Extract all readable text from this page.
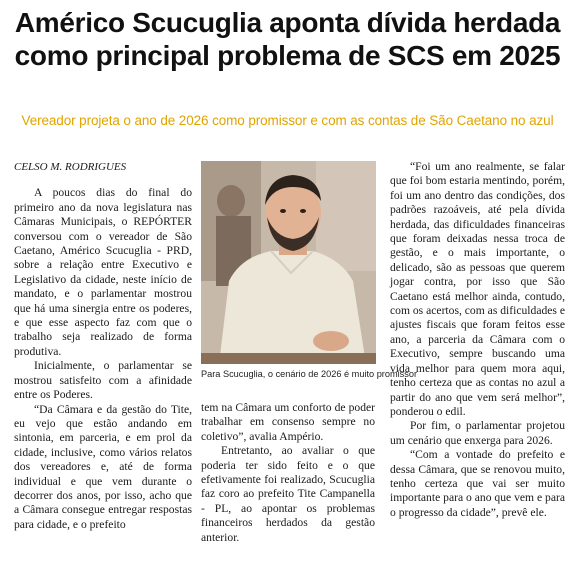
Américo Scucuglia aponta dívida herdada
como principal problema de SCS em 2025
Vereador projeta o ano de 2026 como promissor e com as contas de São Caetano no azul

CELSO M. RODRIGUES

A poucos dias do final do primeiro ano da nova legislatura nas Câmaras Municipais, o REPÓRTER conversou com o vereador de São Caetano, Américo Scucuglia - PRD, sobre a relação entre Executivo e Legislativo da cidade, neste início de mandato, e o parlamentar mostrou que há uma sinergia entre os poderes, e que esse aspecto faz com que o trabalho seja realizado de forma produtiva.

Inicialmente, o parlamentar se mostrou satisfeito com a afinidade entre os Poderes.

“Da Câmara e da gestão do Tite, eu vejo que estão andando em sintonia, em parceria, e em prol da cidade, inclusive, como vários relatos dos vereadores e, até de forma individual e que vem durante o decorrer dos anos, por isso, acho que a Câmara consegue entregar respostas para cidade, e o prefeito

Para Scucuglia, o cenário de 2026 é muito promissor

tem na Câmara um conforto de poder trabalhar em consenso sempre no coletivo”, avalia Ampério.

Entretanto, ao avaliar o que poderia ter sido feito e o que efetivamente foi realizado, Scucuglia faz coro ao prefeito Tite Campanella - PL, ao apontar os problemas financeiros herdados da gestão anterior.

“Foi um ano realmente, se falar que foi bom estaria mentindo, porém, foi um ano dentro das condições, dos padrões razoáveis, até pela dívida herdada, das dificuldades financeiras que foram deixadas nessa troca de gestão, e o mais importante, o delicado, são as pessoas que querem jogar contra, por isso que São Caetano está melhor ainda, contudo, com os acertos, com as dificuldades e ajustes fiscais que foram feitos esse ano, a parceria da Câmara com o Executivo, sempre buscando uma vida melhor para quem mora aqui, tenho certeza que as contas no azul a partir do ano que vem será melhor”, ponderou o edil.

Por fim, o parlamentar projetou um cenário que enxerga para 2026.

“Com a vontade do prefeito e dessa Câmara, que se renovou muito, tenho certeza que vai ser muito importante para o ano que vem e para o progresso da cidade”, prevê ele.
